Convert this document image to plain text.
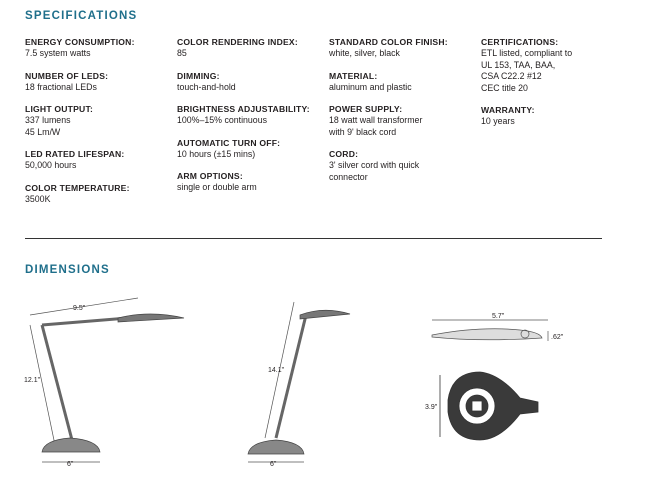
SPECIFICATIONS
ENERGY CONSUMPTION:
7.5 system watts
NUMBER OF LEDS:
18 fractional LEDs
LIGHT OUTPUT:
337 lumens
45 Lm/W
LED RATED LIFESPAN:
50,000 hours
COLOR TEMPERATURE:
3500K
COLOR RENDERING INDEX:
85
DIMMING:
touch-and-hold
BRIGHTNESS ADJUSTABILITY:
100%–15% continuous
AUTOMATIC TURN OFF:
10 hours (±15 mins)
ARM OPTIONS:
single or double arm
STANDARD COLOR FINISH:
white, silver, black
MATERIAL:
aluminum and plastic
POWER SUPPLY:
18 watt wall transformer
with 9' black cord
CORD:
3' silver cord with quick
connector
CERTIFICATIONS:
ETL listed, compliant to
UL 153, TAA, BAA,
CSA C22.2 #12
CEC title 20
WARRANTY:
10 years
DIMENSIONS
9.5"
12.1"
6"
14.1"
6"
5.7"
.62"
3.9"
